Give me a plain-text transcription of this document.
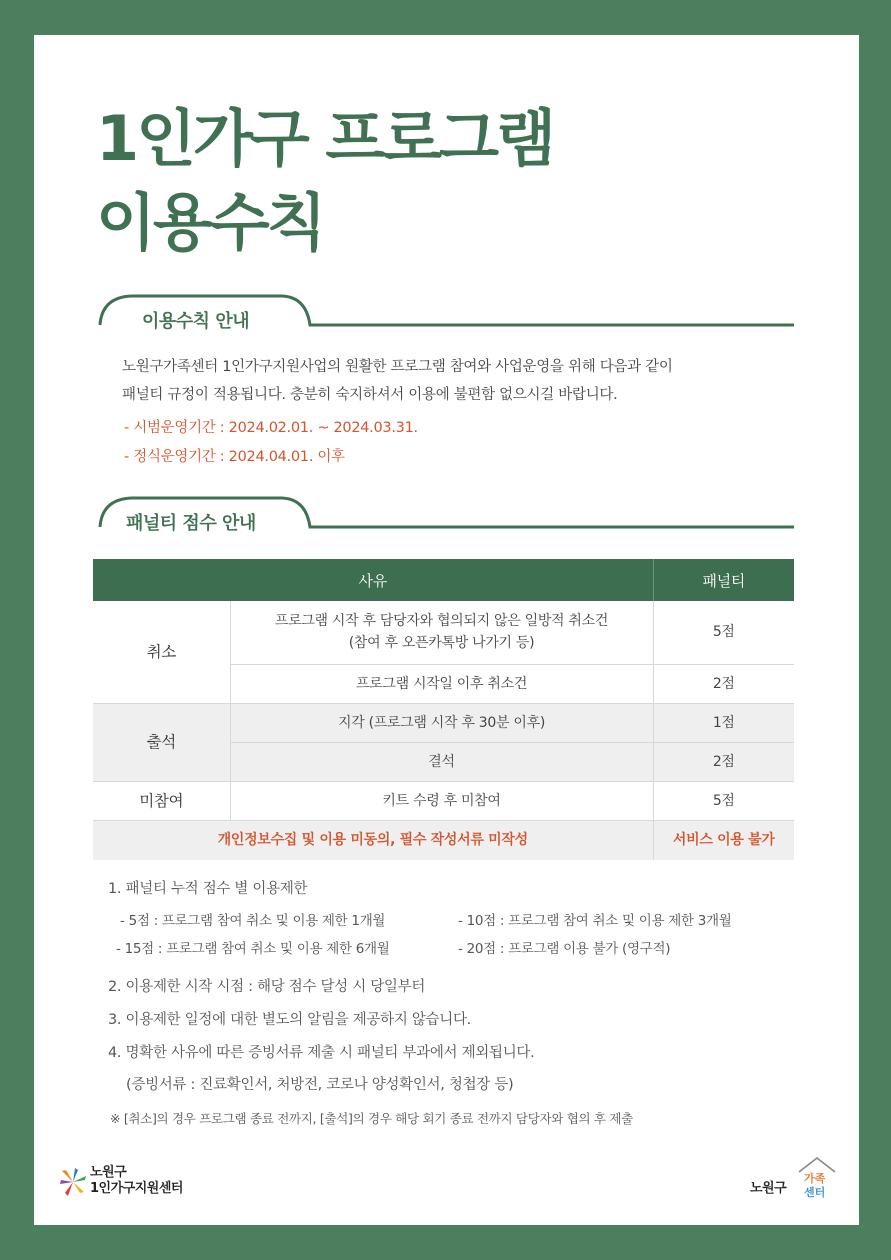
1인가구 프로그램
이용수칙
이용수칙 안내
노원구가족센터 1인가구지원사업의 원활한 프로그램 참여와 사업운영을 위해 다음과 같이
패널티 규정이 적용됩니다. 충분히 숙지하셔서 이용에 불편함 없으시길 바랍니다.
- 시범운영기간 : 2024.02.01. ~ 2024.03.31.
- 정식운영기간 : 2024.04.01. 이후
패널티 점수 안내
사유		패널티
취소	프로그램 시작 후 담당자와 협의되지 않은 일방적 취소건
(참여 후 오픈카톡방 나가기 등)	5점
	프로그램 시작일 이후 취소건	2점
출석	지각 (프로그램 시작 후 30분 이후)	1점
	결석	2점
미참여	키트 수령 후 미참여	5점
개인정보수집 및 이용 미동의, 필수 작성서류 미작성		서비스 이용 불가
1. 패널티 누적 점수 별 이용제한
- 5점 : 프로그램 참여 취소 및 이용 제한 1개월	- 10점 : 프로그램 참여 취소 및 이용 제한 3개월
- 15점 : 프로그램 참여 취소 및 이용 제한 6개월	- 20점 : 프로그램 이용 불가 (영구적)
2. 이용제한 시작 시점 : 해당 점수 달성 시 당일부터
3. 이용제한 일정에 대한 별도의 알림을 제공하지 않습니다.
4. 명확한 사유에 따른 증빙서류 제출 시 패널티 부과에서 제외됩니다.
(증빙서류 : 진료확인서, 처방전, 코로나 양성확인서, 청첩장 등)
※ [취소]의 경우 프로그램 종료 전까지, [출석]의 경우 해당 회기 종료 전까지 담당자와 협의 후 제출
노원구
1인가구지원센터	노원구
가족
센터
